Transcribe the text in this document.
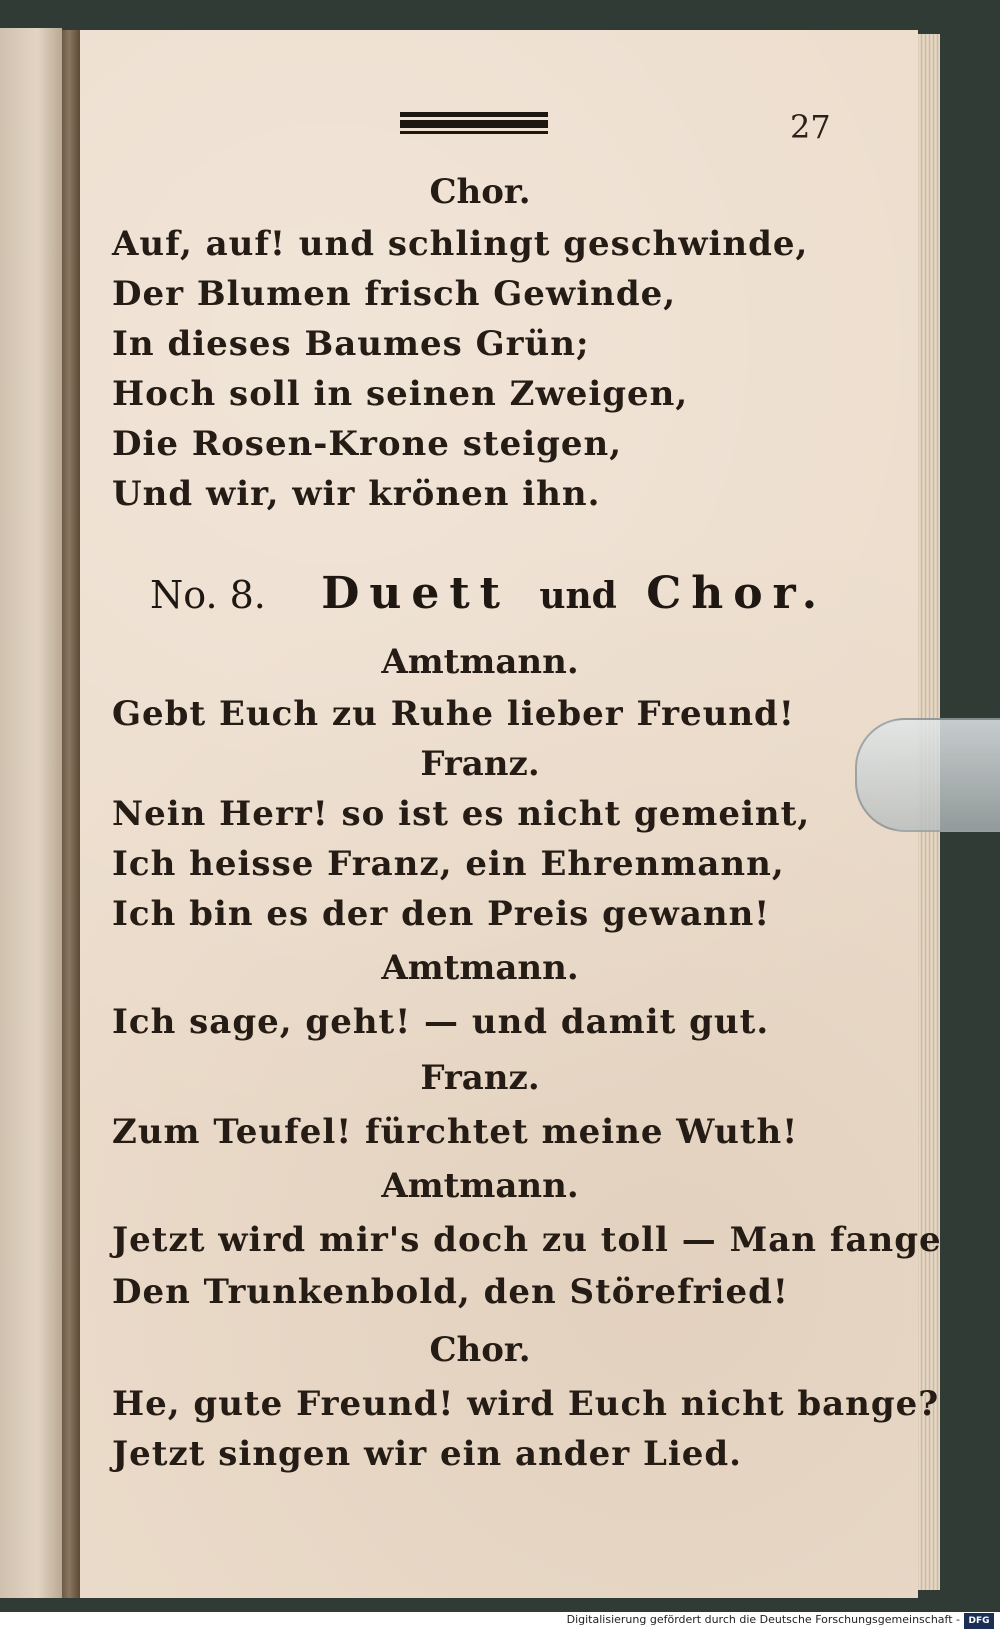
27
Chor.
Auf, auf! und schlingt geschwinde,
Der Blumen frisch Gewinde,
In dieses Baumes Grün;
Hoch soll in seinen Zweigen,
Die Rosen-Krone steigen,
Und wir, wir krönen ihn.
No. 8. Duett und Chor.
Amtmann.
Gebt Euch zu Ruhe lieber Freund!
Franz.
Nein Herr! so ist es nicht gemeint,
Ich heisse Franz, ein Ehrenmann,
Ich bin es der den Preis gewann!
Amtmann.
Ich sage, geht! — und damit gut.
Franz.
Zum Teufel! fürchtet meine Wuth!
Amtmann.
Jetzt wird mir's doch zu toll — Man fange
Den Trunkenbold, den Störefried!
Chor.
He, gute Freund! wird Euch nicht bange?
Jetzt singen wir ein ander Lied.
Digitalisierung gefördert durch die Deutsche Forschungsgemeinschaft - DFG
